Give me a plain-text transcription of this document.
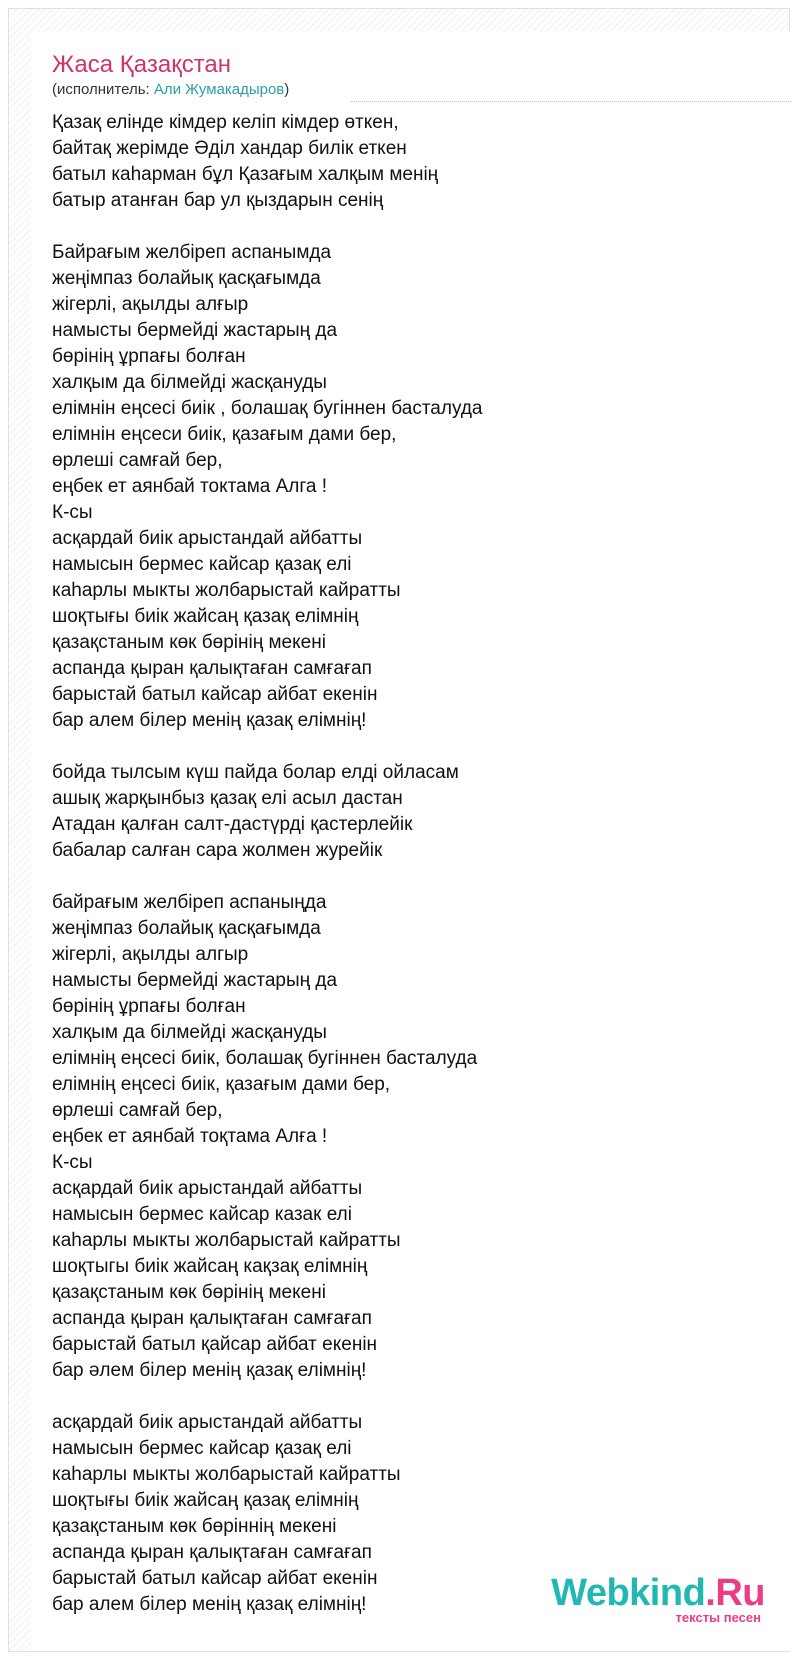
Жаса Қазақстан
(исполнитель: Али Жумакадыров)
Қазақ елінде кімдер келіп кімдер өткен,
байтақ жерімде Әділ хандар билік еткен
батыл каһарман бұл Қазағым халқым менің
батыр атанған бар ул қыздарын сенің
Байрағым желбіреп аспанымда
жеңімпаз болайық қасқағымда
жігерлі, ақылды алғыр
намысты бермейді жастарың да
бөрінің ұрпағы болған
халқым да білмейді жасқануды
елімнін еңсесі биік , болашақ бугіннен басталуда
елімнін еңсеси биік, қазағым дами бер,
өрлеші самғай бер,
еңбек ет аянбай токтама Алга !
К-сы
асқардай биік арыстандай айбатты
намысын бермес кайсар қазақ елі
каһарлы мыкты жолбарыстай кайратты
шоқтығы биік жайсаң қазақ елімнің
қазақстаным көк бөрінің мекені
аспанда қыран қалықтаған самғағап
барыстай батыл кайсар айбат екенін
бар алем білер менің қазақ елімнің!
бойда тылсым күш пайда болар елді ойласам
ашық жарқынбыз қазақ елі асыл дастан
Атадан қалған салт-дастүрді қастерлейік
бабалар салған сара жолмен журейік
байрағым желбіреп аспаныңда
жеңімпаз болайық қасқағымда
жігерлі, ақылды алгыр
намысты бермейді жастарың да
бөрінің ұрпағы болған
халқым да білмейді жасқануды
елімнің еңсесі биік, болашақ бугіннен басталуда
елімнің еңсесі биік, қазағым дами бер,
өрлеші самғай бер,
еңбек ет аянбай тоқтама Алға !
К-сы
асқардай биік арыстандай айбатты
намысын бермес кайсар казак елі
каһарлы мыкты жолбарыстай кайратты
шоқтыгы биік жайсаң кақзақ елімнің
қазақстаным көк бөрінің мекені
аспанда қыран қалықтаған самғағап
барыстай батыл қайсар айбат екенін
бар әлем білер менің қазақ елімнің!
асқардай биік арыстандай айбатты
намысын бермес кайсар қазақ елі
каһарлы мыкты жолбарыстай кайратты
шоқтығы биік жайсаң қазақ елімнің
қазақстаным көк бөріннің мекені
аспанда қыран қалықтаған самғағап
барыстай батыл кайсар айбат екенін
бар алем білер менің қазақ елімнің!	Webkind.Ru
тексты песен
